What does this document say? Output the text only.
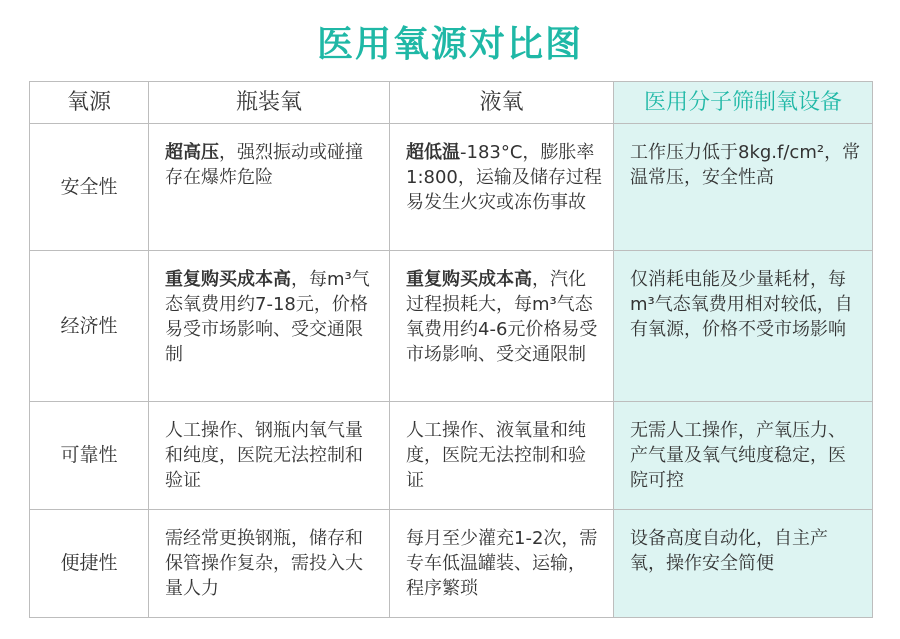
医用氧源对比图
氧源	瓶装氧	液氧	医用分子筛制氧设备
安全性	超高压，强烈振动或碰撞存在爆炸危险	超低温-183°C，膨胀率1:800，运输及储存过程易发生火灾或冻伤事故	工作压力低于8kg.f/cm²，常温常压，安全性高
经济性	重复购买成本高，每m³气态氧费用约7-18元，价格易受市场影响、受交通限制	重复购买成本高，汽化过程损耗大，每m³气态氧费用约4-6元价格易受市场影响、受交通限制	仅消耗电能及少量耗材，每m³气态氧费用相对较低，自有氧源，价格不受市场影响
可靠性	人工操作、钢瓶内氧气量和纯度，医院无法控制和验证	人工操作、液氧量和纯度，医院无法控制和验证	无需人工操作，产氧压力、产气量及氧气纯度稳定，医院可控
便捷性	需经常更换钢瓶，储存和保管操作复杂，需投入大量人力	每月至少灌充1-2次，需专车低温罐装、运输，程序繁琐	设备高度自动化，自主产氧，操作安全简便
